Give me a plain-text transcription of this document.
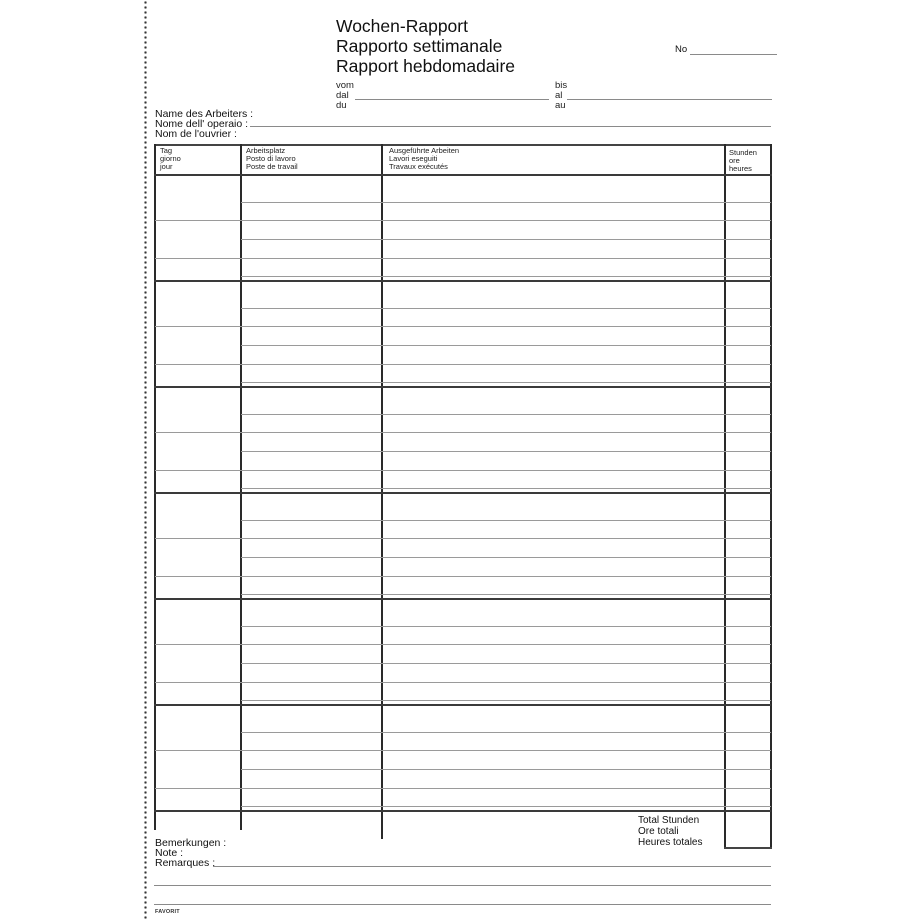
Wochen-Rapport
Rapporto settimanale
Rapport hebdomadaire
No
vom
dal
du
bis
al
au
Name des Arbeiters :
Nome dell' operaio :
Nom de l'ouvrier :
Tag
giorno
jour
Arbeitsplatz
Posto di lavoro
Poste de travail
Ausgeführte Arbeiten
Lavori eseguiti
Travaux exécutés
Stunden
ore
heures
Total Stunden
Ore totali
Heures totales
Bemerkungen :
Note :
Remarques :
FAVORIT
